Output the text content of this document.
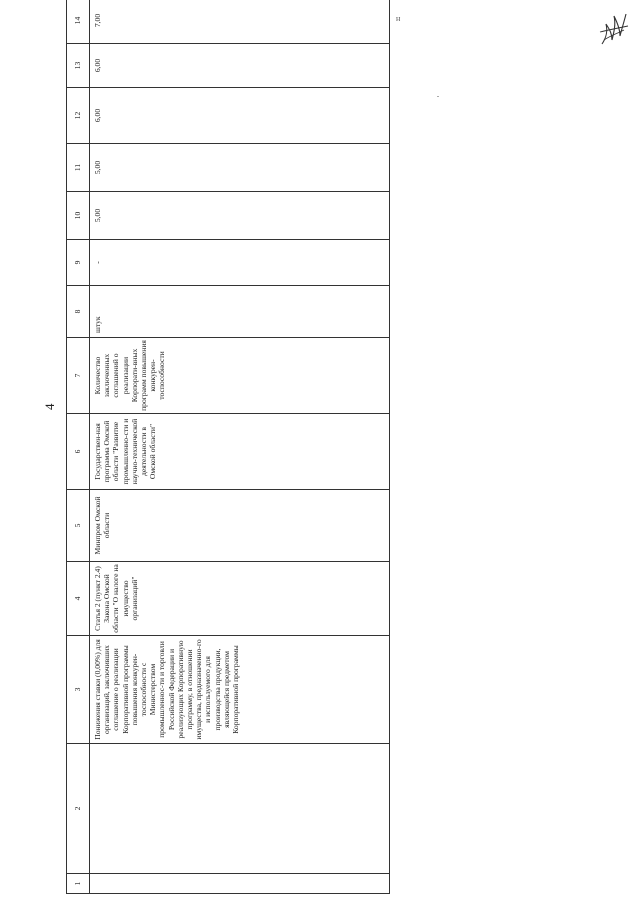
4
н
1	2	3	4	5	6	7	8	9	10	11	12	13	14	
		Понижения ставки (0,00%) для организаций, заключивших соглашение о реализации Корпоративной программы повышения конкурен-тоспособности с Министерством промышленнос-ти и торговли Российской Федерации и реализующих Корпоративную программу, в отношении имущества, предназначенно-го и используемого для производства продукции, являющейся предметом Корпоративной программы	Статья 2 (пункт 2.4) Закона Омской области "О налоге на имущество организаций"	Минпром Омской области	Государствен-ная программа Омской области "Развитие промышленно-сти и научно-технической деятельности в Омской области"	Количество заключенных соглашений о реализации Корпорати-вных программ повышения конкурен-тоспособности	штук	-	5,00	5,00	6,00	6,00	7,00	
